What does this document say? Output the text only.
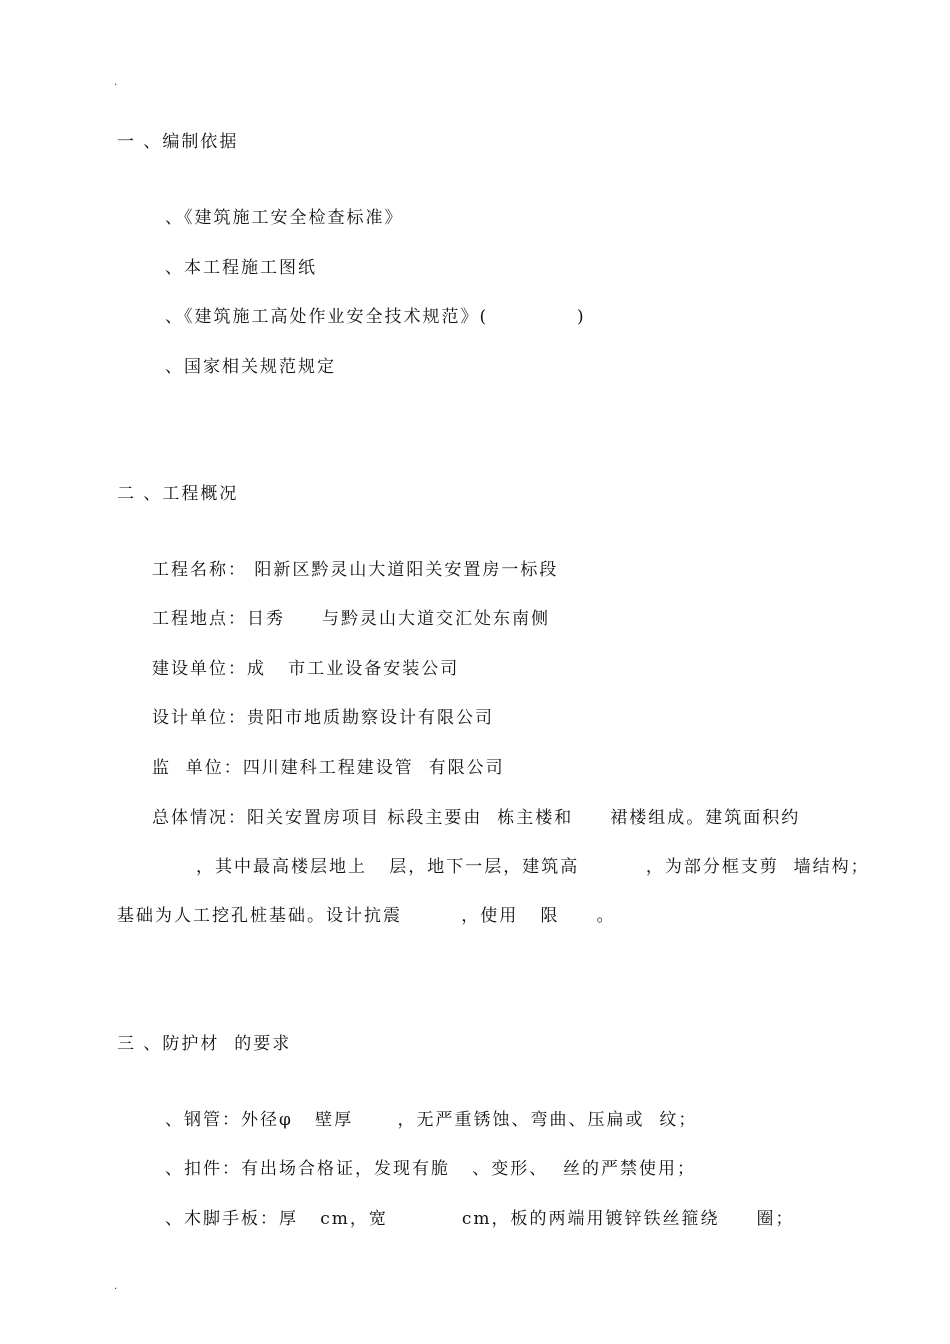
.
一 、编制依据
、《建筑施工安全检查标准》
、本工程施工图纸
、《建筑施工高处作业安全技术规范》(            )
、国家相关规范规定
二 、工程概况
工程名称： 阳新区黔灵山大道阳关安置房一标段
工程地点：日秀     与黔灵山大道交汇处东南侧
建设单位：成   市工业设备安装公司
设计单位：贵阳市地质勘察设计有限公司
监  单位：四川建科工程建设管  有限公司
总体情况：阳关安置房项目 标段主要由  栋主楼和     裙楼组成。建筑面积约
，其中最高楼层地上   层，地下一层，建筑高         ，为部分框支剪  墙结构；
基础为人工挖孔桩基础。设计抗震        ，使用   限     。
三 、防护材  的要求
、钢管：外径φ   壁厚      ，无严重锈蚀、弯曲、压扁或  纹；
、扣件：有出场合格证，发现有脆   、变形、  丝的严禁使用；
、木脚手板：厚   cm，宽          cm，板的两端用镀锌铁丝箍绕     圈；
.
